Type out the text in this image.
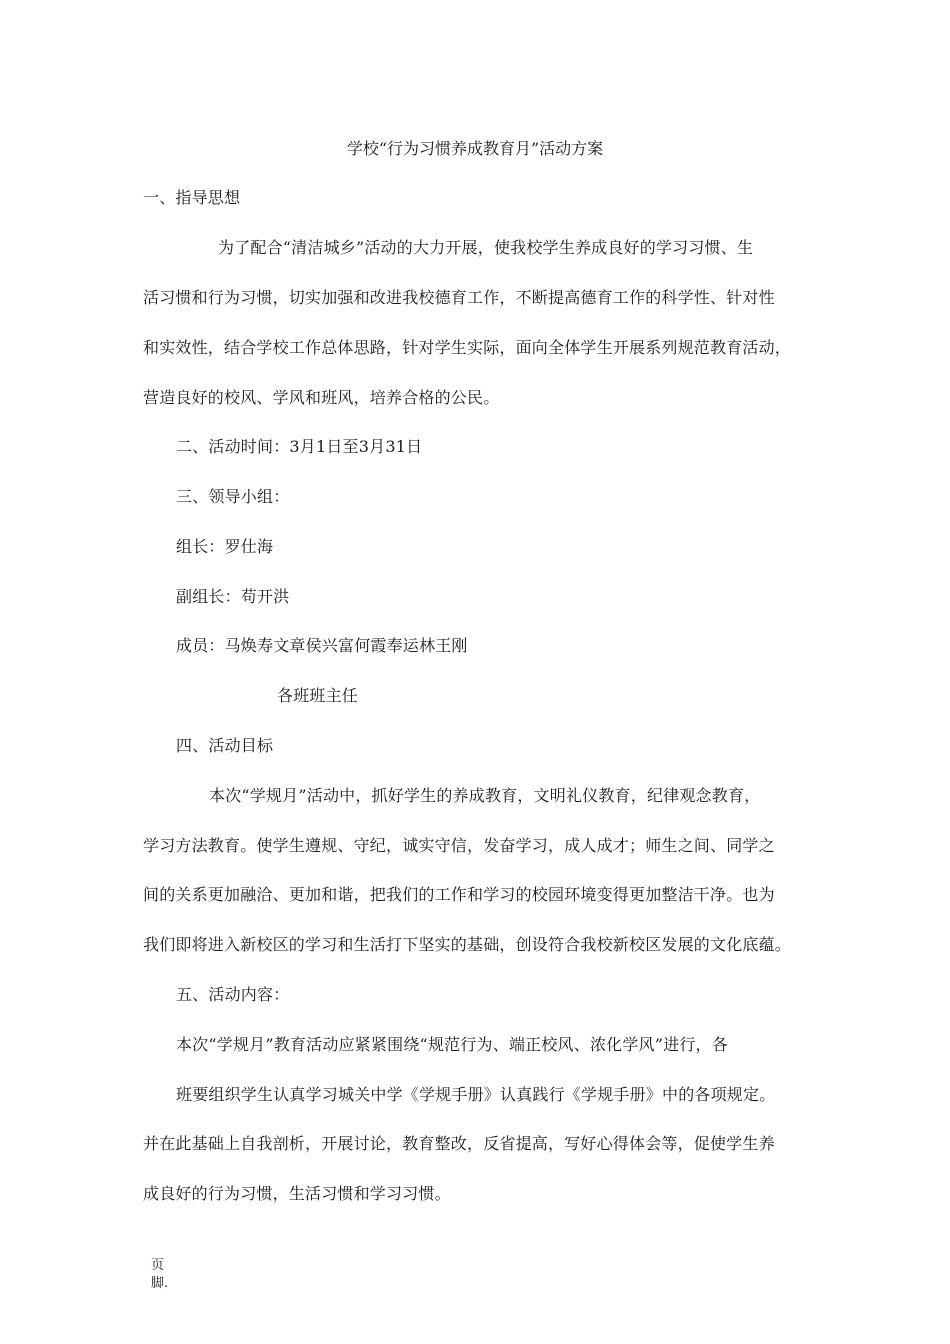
学校“行为习惯养成教育月”活动方案
一、指导思想
为了配合“清洁城乡”活动的大力开展，使我校学生养成良好的学习习惯、生
活习惯和行为习惯，切实加强和改进我校德育工作，不断提高德育工作的科学性、针对性
和实效性，结合学校工作总体思路，针对学生实际，面向全体学生开展系列规范教育活动，
营造良好的校风、学风和班风，培养合格的公民。
二、活动时间：3月1日至3月31日
三、领导小组：
组长：罗仕海
副组长：苟开洪
成员：马焕寿文章侯兴富何霞奉运林王刚
各班班主任
四、活动目标
本次“学规月”活动中，抓好学生的养成教育，文明礼仪教育，纪律观念教育，
学习方法教育。使学生遵规、守纪，诚实守信，发奋学习，成人成才；师生之间、同学之
间的关系更加融洽、更加和谐，把我们的工作和学习的校园环境变得更加整洁干净。也为
我们即将进入新校区的学习和生活打下坚实的基础，创设符合我校新校区发展的文化底蕴。
五、活动内容：
本次“学规月”教育活动应紧紧围绕“规范行为、端正校风、浓化学风”进行，各
班要组织学生认真学习城关中学《学规手册》认真践行《学规手册》中的各项规定。
并在此基础上自我剖析，开展讨论，教育整改，反省提高，写好心得体会等，促使学生养
成良好的行为习惯，生活习惯和学习习惯。
页脚.
